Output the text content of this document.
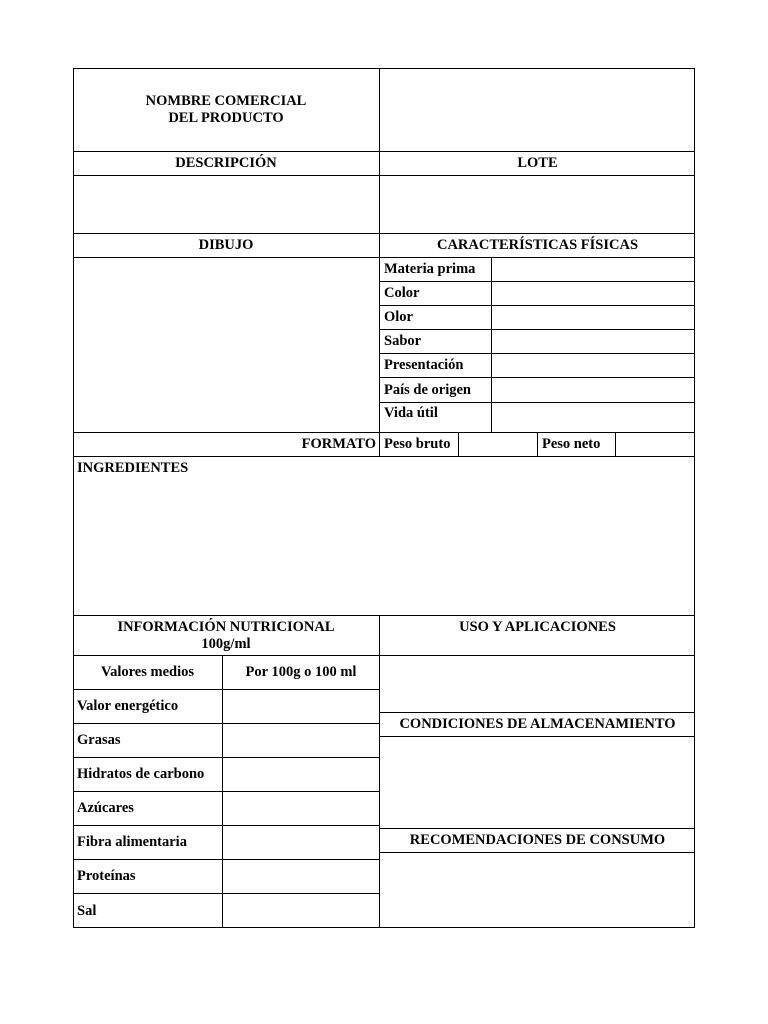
NOMBRE COMERCIAL
DEL PRODUCTO
DESCRIPCIÓN	LOTE
DIBUJO	CARACTERÍSTICAS FÍSICAS
Materia prima
Color
Olor
Sabor
Presentación
País de origen
Vida útil
FORMATO Peso bruto	Peso neto
INGREDIENTES
INFORMACIÓN NUTRICIONAL
100g/ml
Valores medios	Por 100g o 100 ml
Valor energético
Grasas
Hidratos de carbono
Azúcares
Fibra alimentaria
Proteínas
Sal
USO Y APLICACIONES
CONDICIONES DE ALMACENAMIENTO
RECOMENDACIONES DE CONSUMO
